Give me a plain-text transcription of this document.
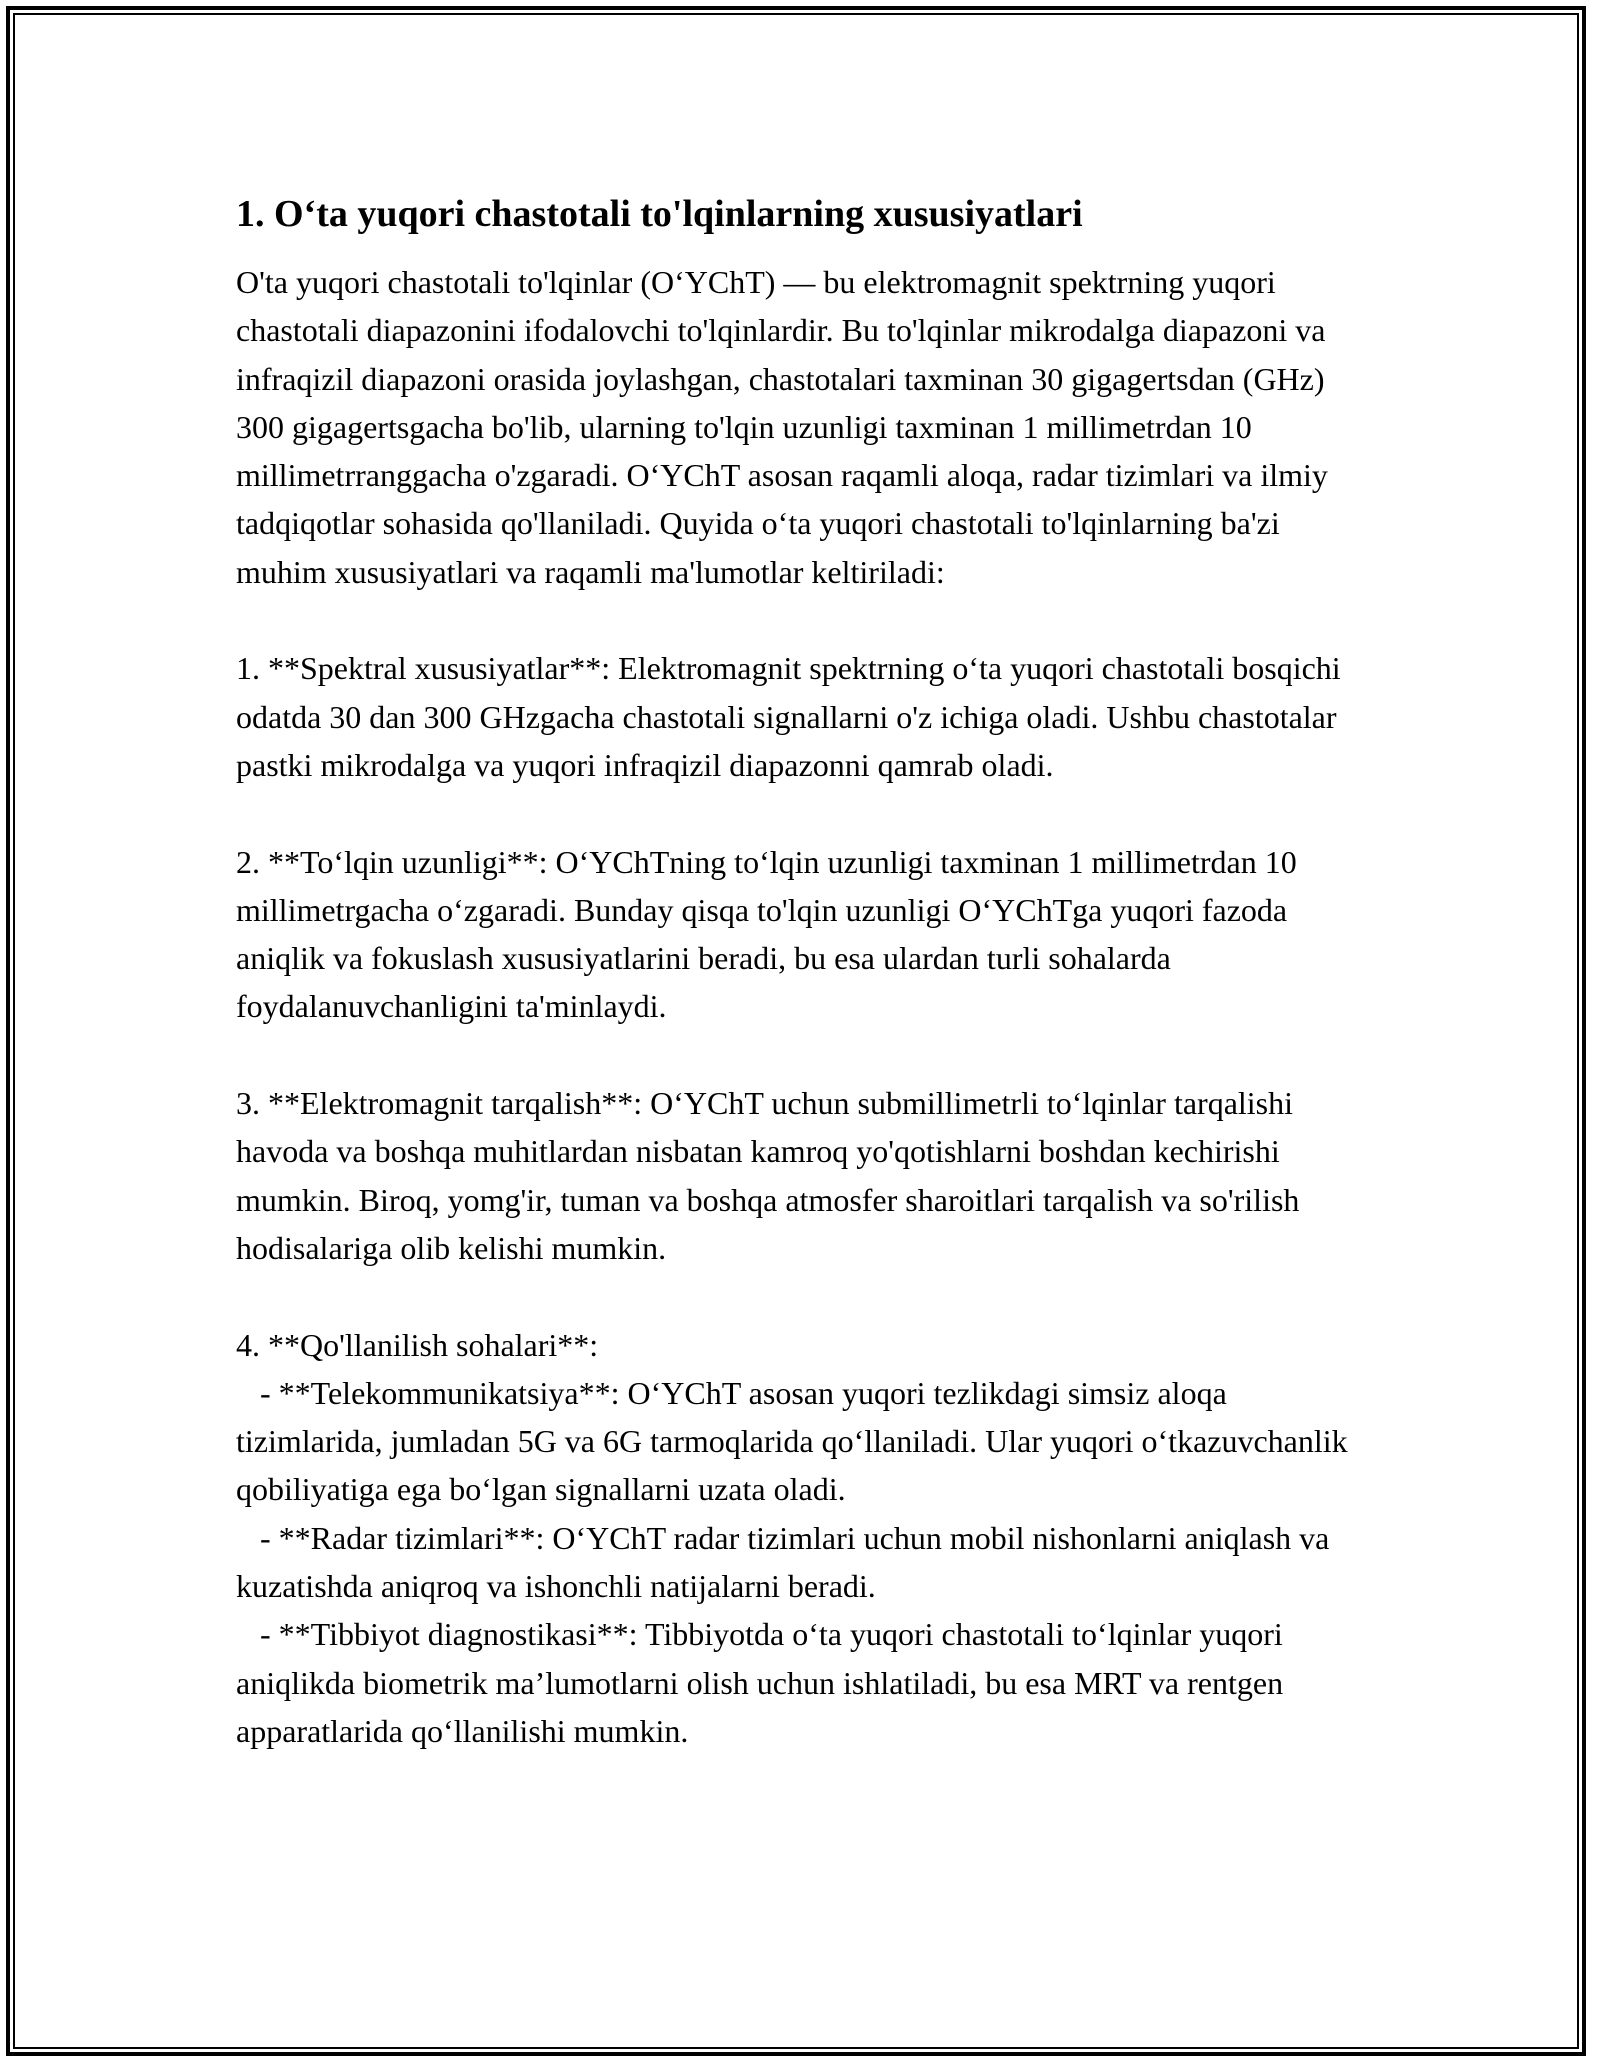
1. O‘ta yuqori chastotali to'lqinlarning xususiyatlari

O'ta yuqori chastotali to'lqinlar (O‘YChT) — bu elektromagnit spektrning yuqori chastotali diapazonini ifodalovchi to'lqinlardir. Bu to'lqinlar mikrodalga diapazoni va infraqizil diapazoni orasida joylashgan, chastotalari taxminan 30 gigagertsdan (GHz) 300 gigagertsgacha bo'lib, ularning to'lqin uzunligi taxminan 1 millimetrdan 10 millimetrranggacha o'zgaradi. O‘YChT asosan raqamli aloqa, radar tizimlari va ilmiy tadqiqotlar sohasida qo'llaniladi. Quyida o‘ta yuqori chastotali to'lqinlarning ba'zi muhim xususiyatlari va raqamli ma'lumotlar keltiriladi:

1. **Spektral xususiyatlar**: Elektromagnit spektrning o‘ta yuqori chastotali bosqichi odatda 30 dan 300 GHzgacha chastotali signallarni o'z ichiga oladi. Ushbu chastotalar pastki mikrodalga va yuqori infraqizil diapazonni qamrab oladi.

2. **To‘lqin uzunligi**: O‘YChTning to‘lqin uzunligi taxminan 1 millimetrdan 10 millimetrgacha o‘zgaradi. Bunday qisqa to'lqin uzunligi O‘YChTga yuqori fazoda aniqlik va fokuslash xususiyatlarini beradi, bu esa ulardan turli sohalarda foydalanuvchanligini ta'minlaydi.

3. **Elektromagnit tarqalish**: O‘YChT uchun submillimetrli to‘lqinlar tarqalishi havoda va boshqa muhitlardan nisbatan kamroq yo'qotishlarni boshdan kechirishi mumkin. Biroq, yomg'ir, tuman va boshqa atmosfer sharoitlari tarqalish va so'rilish hodisalariga olib kelishi mumkin.

4. **Qo'llanilish sohalari**:

- **Telekommunikatsiya**: O‘YChT asosan yuqori tezlikdagi simsiz aloqa tizimlarida, jumladan 5G va 6G tarmoqlarida qo‘llaniladi. Ular yuqori o‘tkazuvchanlik qobiliyatiga ega bo‘lgan signallarni uzata oladi.

- **Radar tizimlari**: O‘YChT radar tizimlari uchun mobil nishonlarni aniqlash va kuzatishda aniqroq va ishonchli natijalarni beradi.

- **Tibbiyot diagnostikasi**: Tibbiyotda o‘ta yuqori chastotali to‘lqinlar yuqori aniqlikda biometrik ma’lumotlarni olish uchun ishlatiladi, bu esa MRT va rentgen apparatlarida qo‘llanilishi mumkin.
